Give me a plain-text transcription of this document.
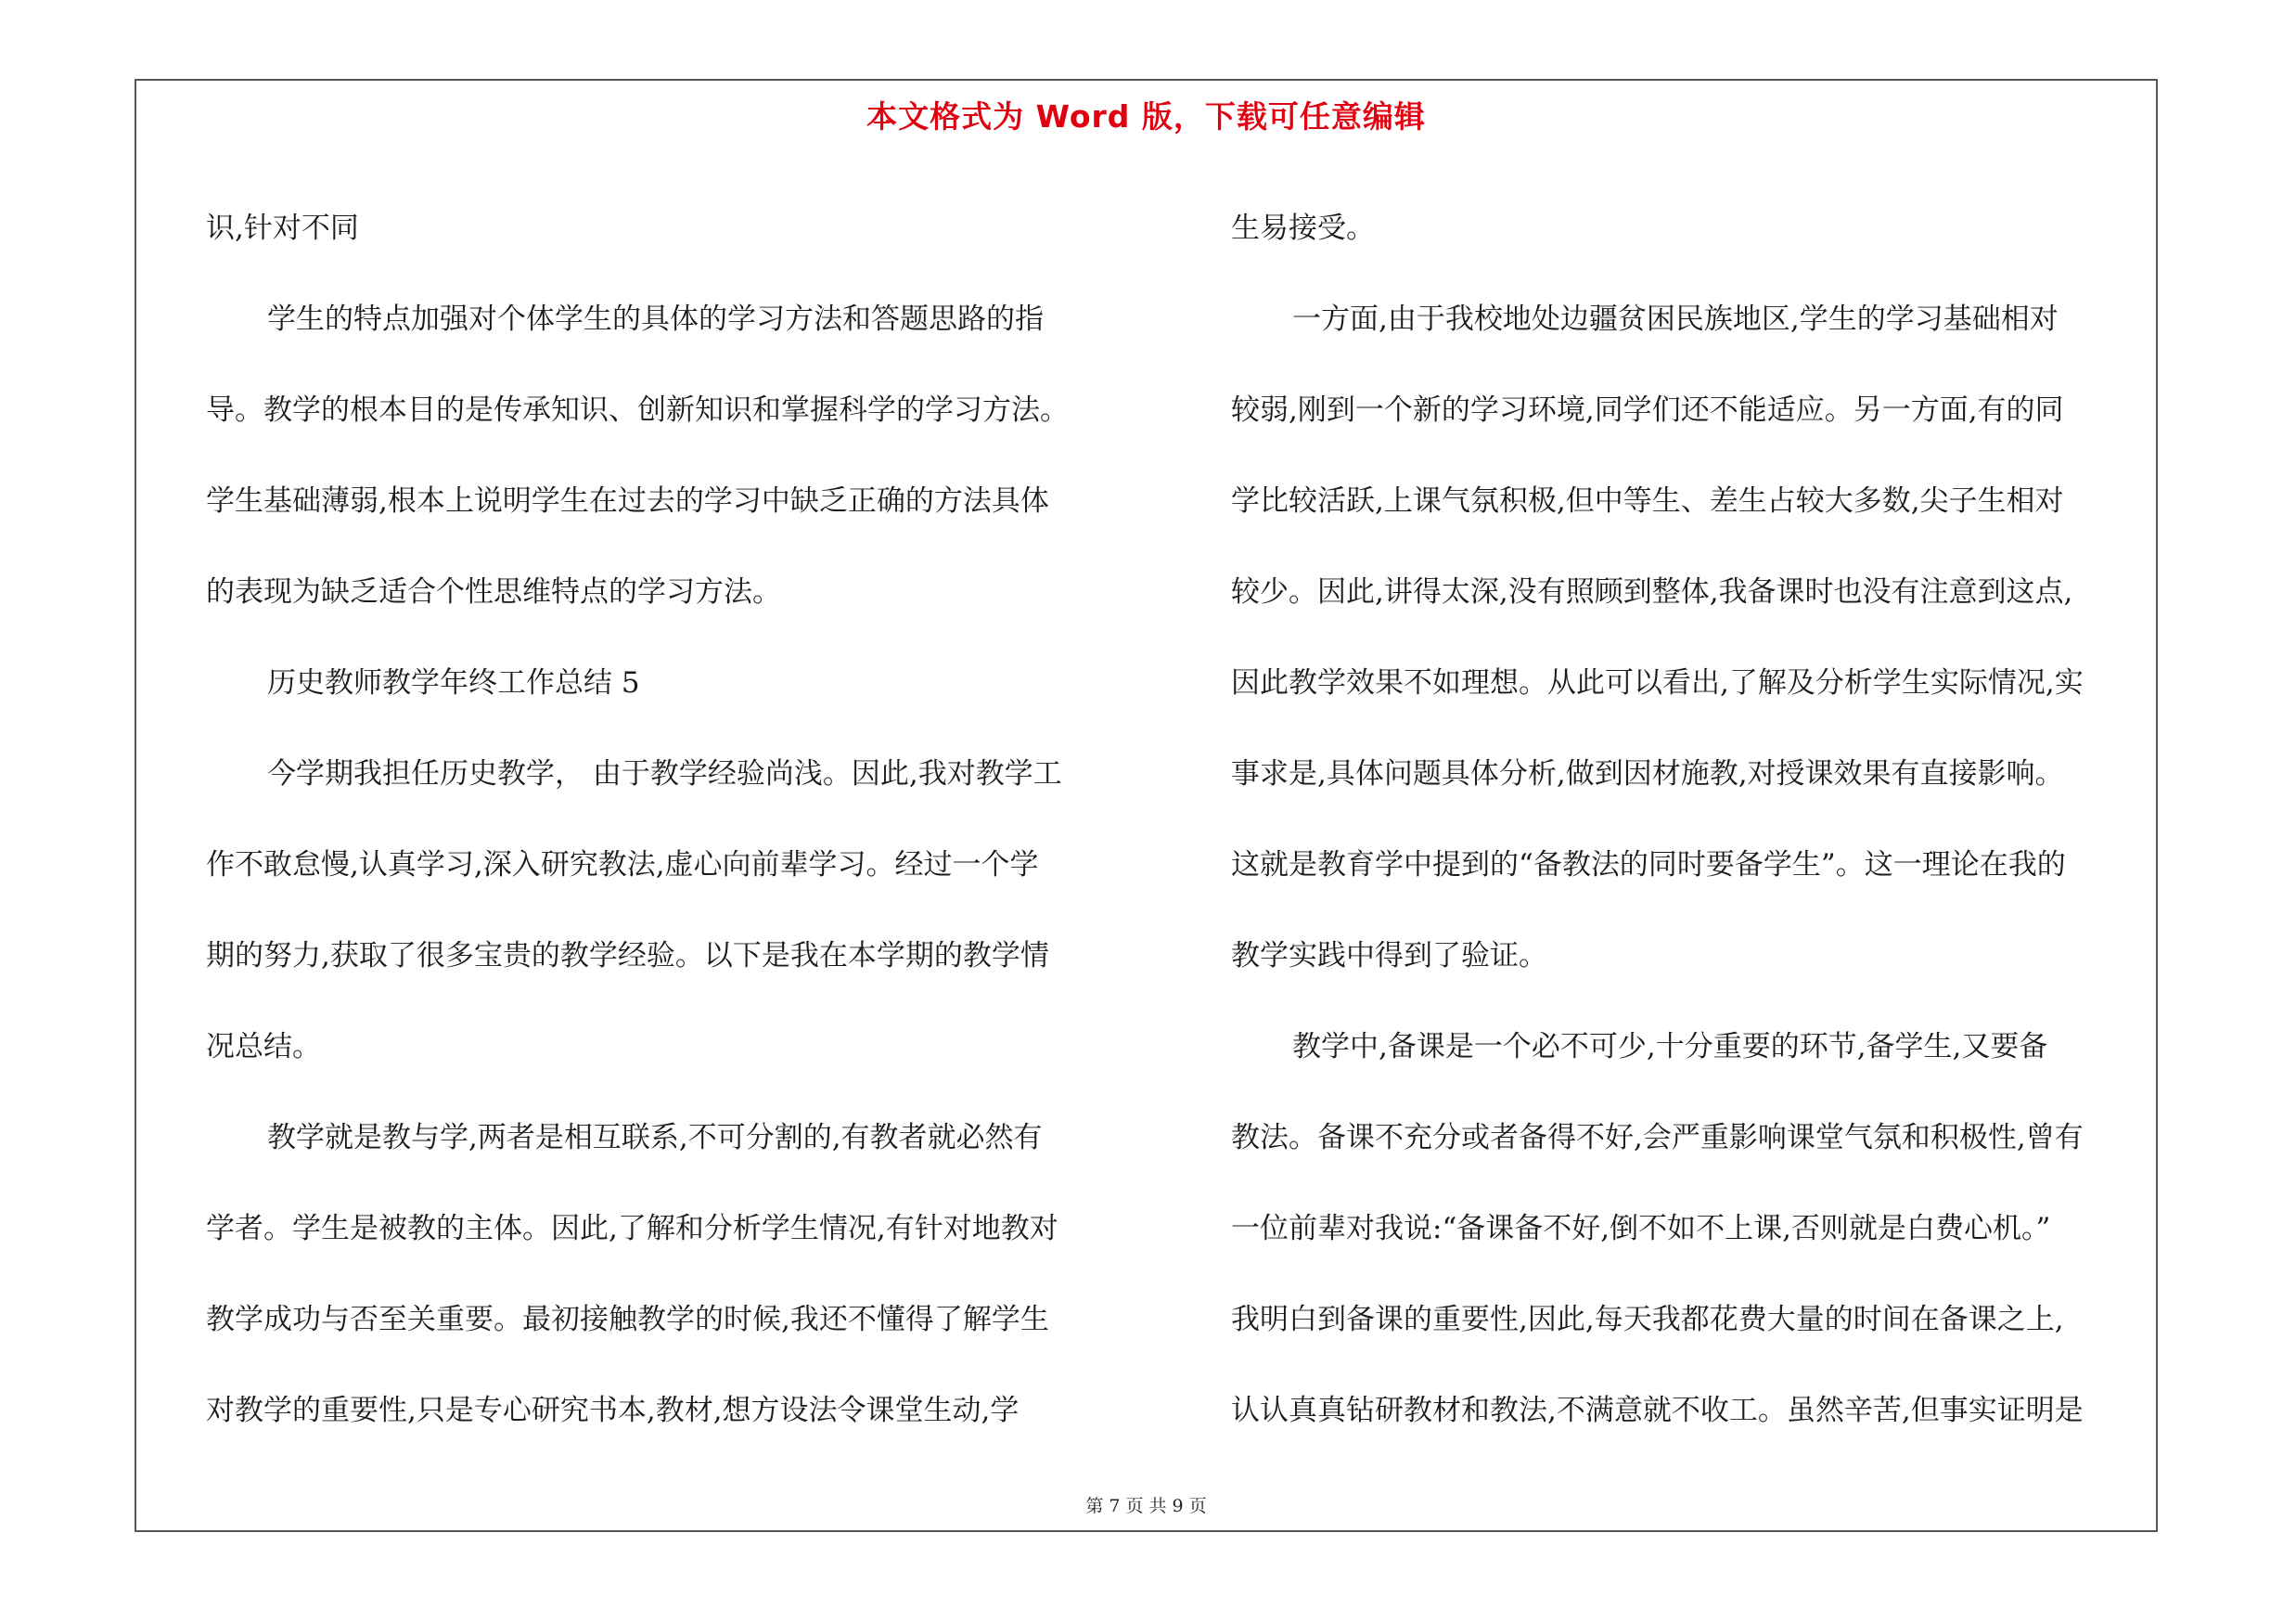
本文格式为 Word 版，下载可任意编辑

识,针对不同

学生的特点加强对个体学生的具体的学习方法和答题思路的指

导。教学的根本目的是传承知识、创新知识和掌握科学的学习方法。

学生基础薄弱,根本上说明学生在过去的学习中缺乏正确的方法具体

的表现为缺乏适合个性思维特点的学习方法。

历史教师教学年终工作总结 5

今学期我担任历史教学， 由于教学经验尚浅。因此,我对教学工

作不敢怠慢,认真学习,深入研究教法,虚心向前辈学习。经过一个学

期的努力,获取了很多宝贵的教学经验。以下是我在本学期的教学情

况总结。

教学就是教与学,两者是相互联系,不可分割的,有教者就必然有

学者。学生是被教的主体。因此,了解和分析学生情况,有针对地教对

教学成功与否至关重要。最初接触教学的时候,我还不懂得了解学生

对教学的重要性,只是专心研究书本,教材,想方设法令课堂生动,学

生易接受。

一方面,由于我校地处边疆贫困民族地区,学生的学习基础相对

较弱,刚到一个新的学习环境,同学们还不能适应。另一方面,有的同

学比较活跃,上课气氛积极,但中等生、差生占较大多数,尖子生相对

较少。因此,讲得太深,没有照顾到整体,我备课时也没有注意到这点,

因此教学效果不如理想。从此可以看出,了解及分析学生实际情况,实

事求是,具体问题具体分析,做到因材施教,对授课效果有直接影响。

这就是教育学中提到的“备教法的同时要备学生”。这一理论在我的

教学实践中得到了验证。

教学中,备课是一个必不可少,十分重要的环节,备学生,又要备

教法。备课不充分或者备得不好,会严重影响课堂气氛和积极性,曾有

一位前辈对我说:“备课备不好,倒不如不上课,否则就是白费心机。”

我明白到备课的重要性,因此,每天我都花费大量的时间在备课之上,

认认真真钻研教材和教法,不满意就不收工。虽然辛苦,但事实证明是

第 7 页 共 9 页
